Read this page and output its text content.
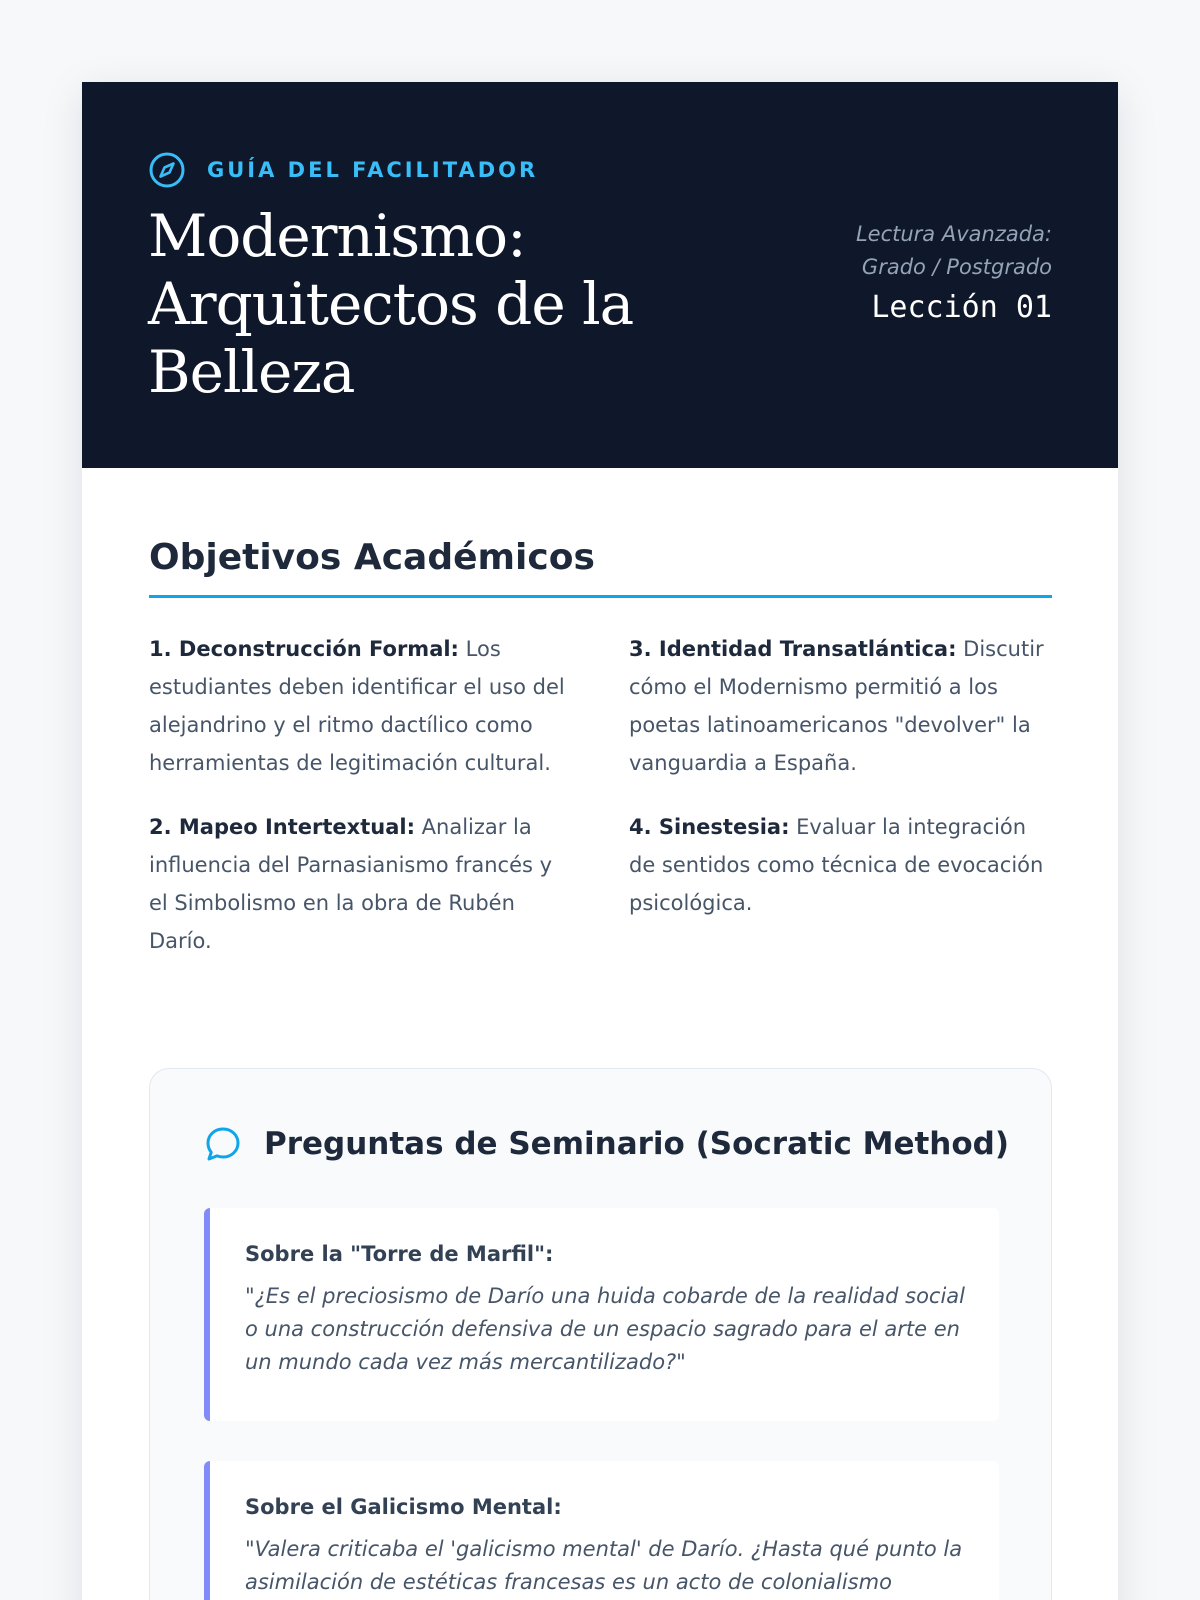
GUÍA DEL FACILITADOR
Modernismo: Arquitectos de la Belleza
Lectura Avanzada: Grado / Postgrado
Lección 01
Objetivos Académicos

1. Deconstrucción Formal: Los estudiantes deben identificar el uso del alejandrino y el ritmo dactílico como herramientas de legitimación cultural.

2. Mapeo Intertextual: Analizar la influencia del Parnasianismo francés y el Simbolismo en la obra de Rubén Darío.

3. Identidad Transatlántica: Discutir cómo el Modernismo permitió a los poetas latinoamericanos "devolver" la vanguardia a España.

4. Sinestesia: Evaluar la integración de sentidos como técnica de evocación psicológica.

Preguntas de Seminario (Socratic Method)
Sobre la "Torre de Marfil":
"¿Es el preciosismo de Darío una huida cobarde de la realidad social o una construcción defensiva de un espacio sagrado para el arte en un mundo cada vez más mercantilizado?"
Sobre el Galicismo Mental:
"Valera criticaba el 'galicismo mental' de Darío. ¿Hasta qué punto la asimilación de estéticas francesas es un acto de colonialismo
